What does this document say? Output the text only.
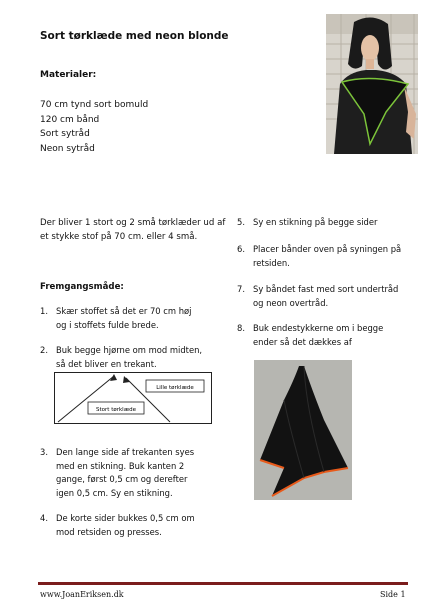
Sort tørklæde med neon blonde
Materialer:
70 cm tynd sort bomuld
120 cm bånd
Sort sytråd
Neon sytråd
Der bliver 1 stort og 2 små tørklæder ud af et stykke stof på 70 cm. eller 4 små.
Fremgangsmåde:
1. Skær stoffet så det er 70 cm høj
og i stoffets fulde brede.
2. Buk begge hjørne om mod midten,
så det bliver en trekant.
Lille tørklæde
Stort tørklæde
3. Den lange side af trekanten syes
med en stikning. Buk kanten 2
gange, først 0,5 cm og derefter
igen 0,5 cm. Sy en stikning.
4. De korte sider bukkes 0,5 cm om
mod retsiden og presses.
5. Sy en stikning på begge sider
6. Placer bånder oven på syningen på
retsiden.
7. Sy båndet fast med sort undertråd
og neon overtråd.
8. Buk endestykkerne om i begge
ender så det dækkes af
www.JoanEriksen.dk	Side 1
